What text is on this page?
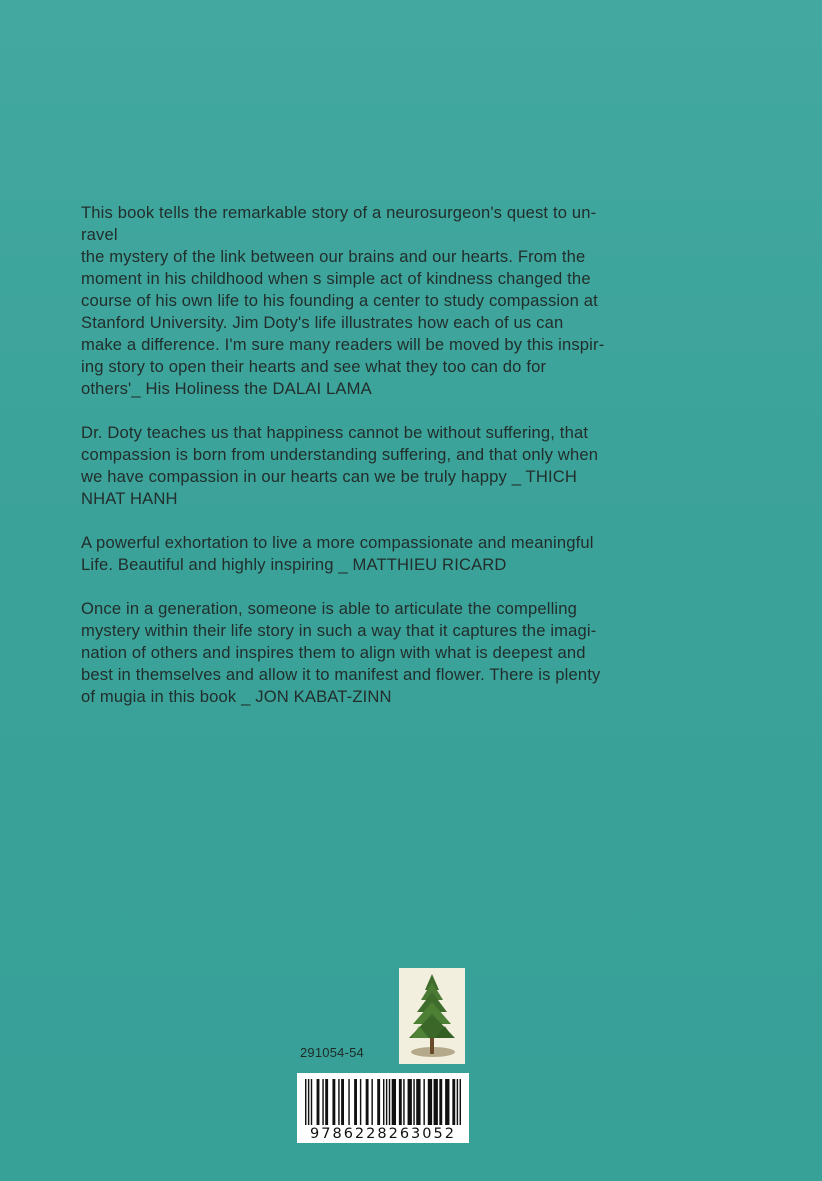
This book tells the remarkable story of a neurosurgeon's quest to un-
ravel
the mystery of the link between our brains and our hearts. From the
moment in his childhood when s simple act of kindness changed the
course of his own life to his founding a center to study compassion at
Stanford University. Jim Doty's life illustrates how each of us can
make a difference. I'm sure many readers will be moved by this inspir-
ing story to open their hearts and see what they too can do for
others'_ His Holiness the DALAI LAMA

Dr. Doty teaches us that happiness cannot be without suffering, that
compassion is born from understanding suffering, and that only when
we have compassion in our hearts can we be truly happy _ THICH
NHAT HANH

A powerful exhortation to live a more compassionate and meaningful
Life. Beautiful and highly inspiring _ MATTHIEU RICARD

Once in a generation, someone is able to articulate the compelling
mystery within their life story in such a way that it captures the imagi-
nation of others and inspires them to align with what is deepest and
best in themselves and allow it to manifest and flower. There is plenty
of mugia in this book _ JON KABAT-ZINN

291054-54
9786228263052
